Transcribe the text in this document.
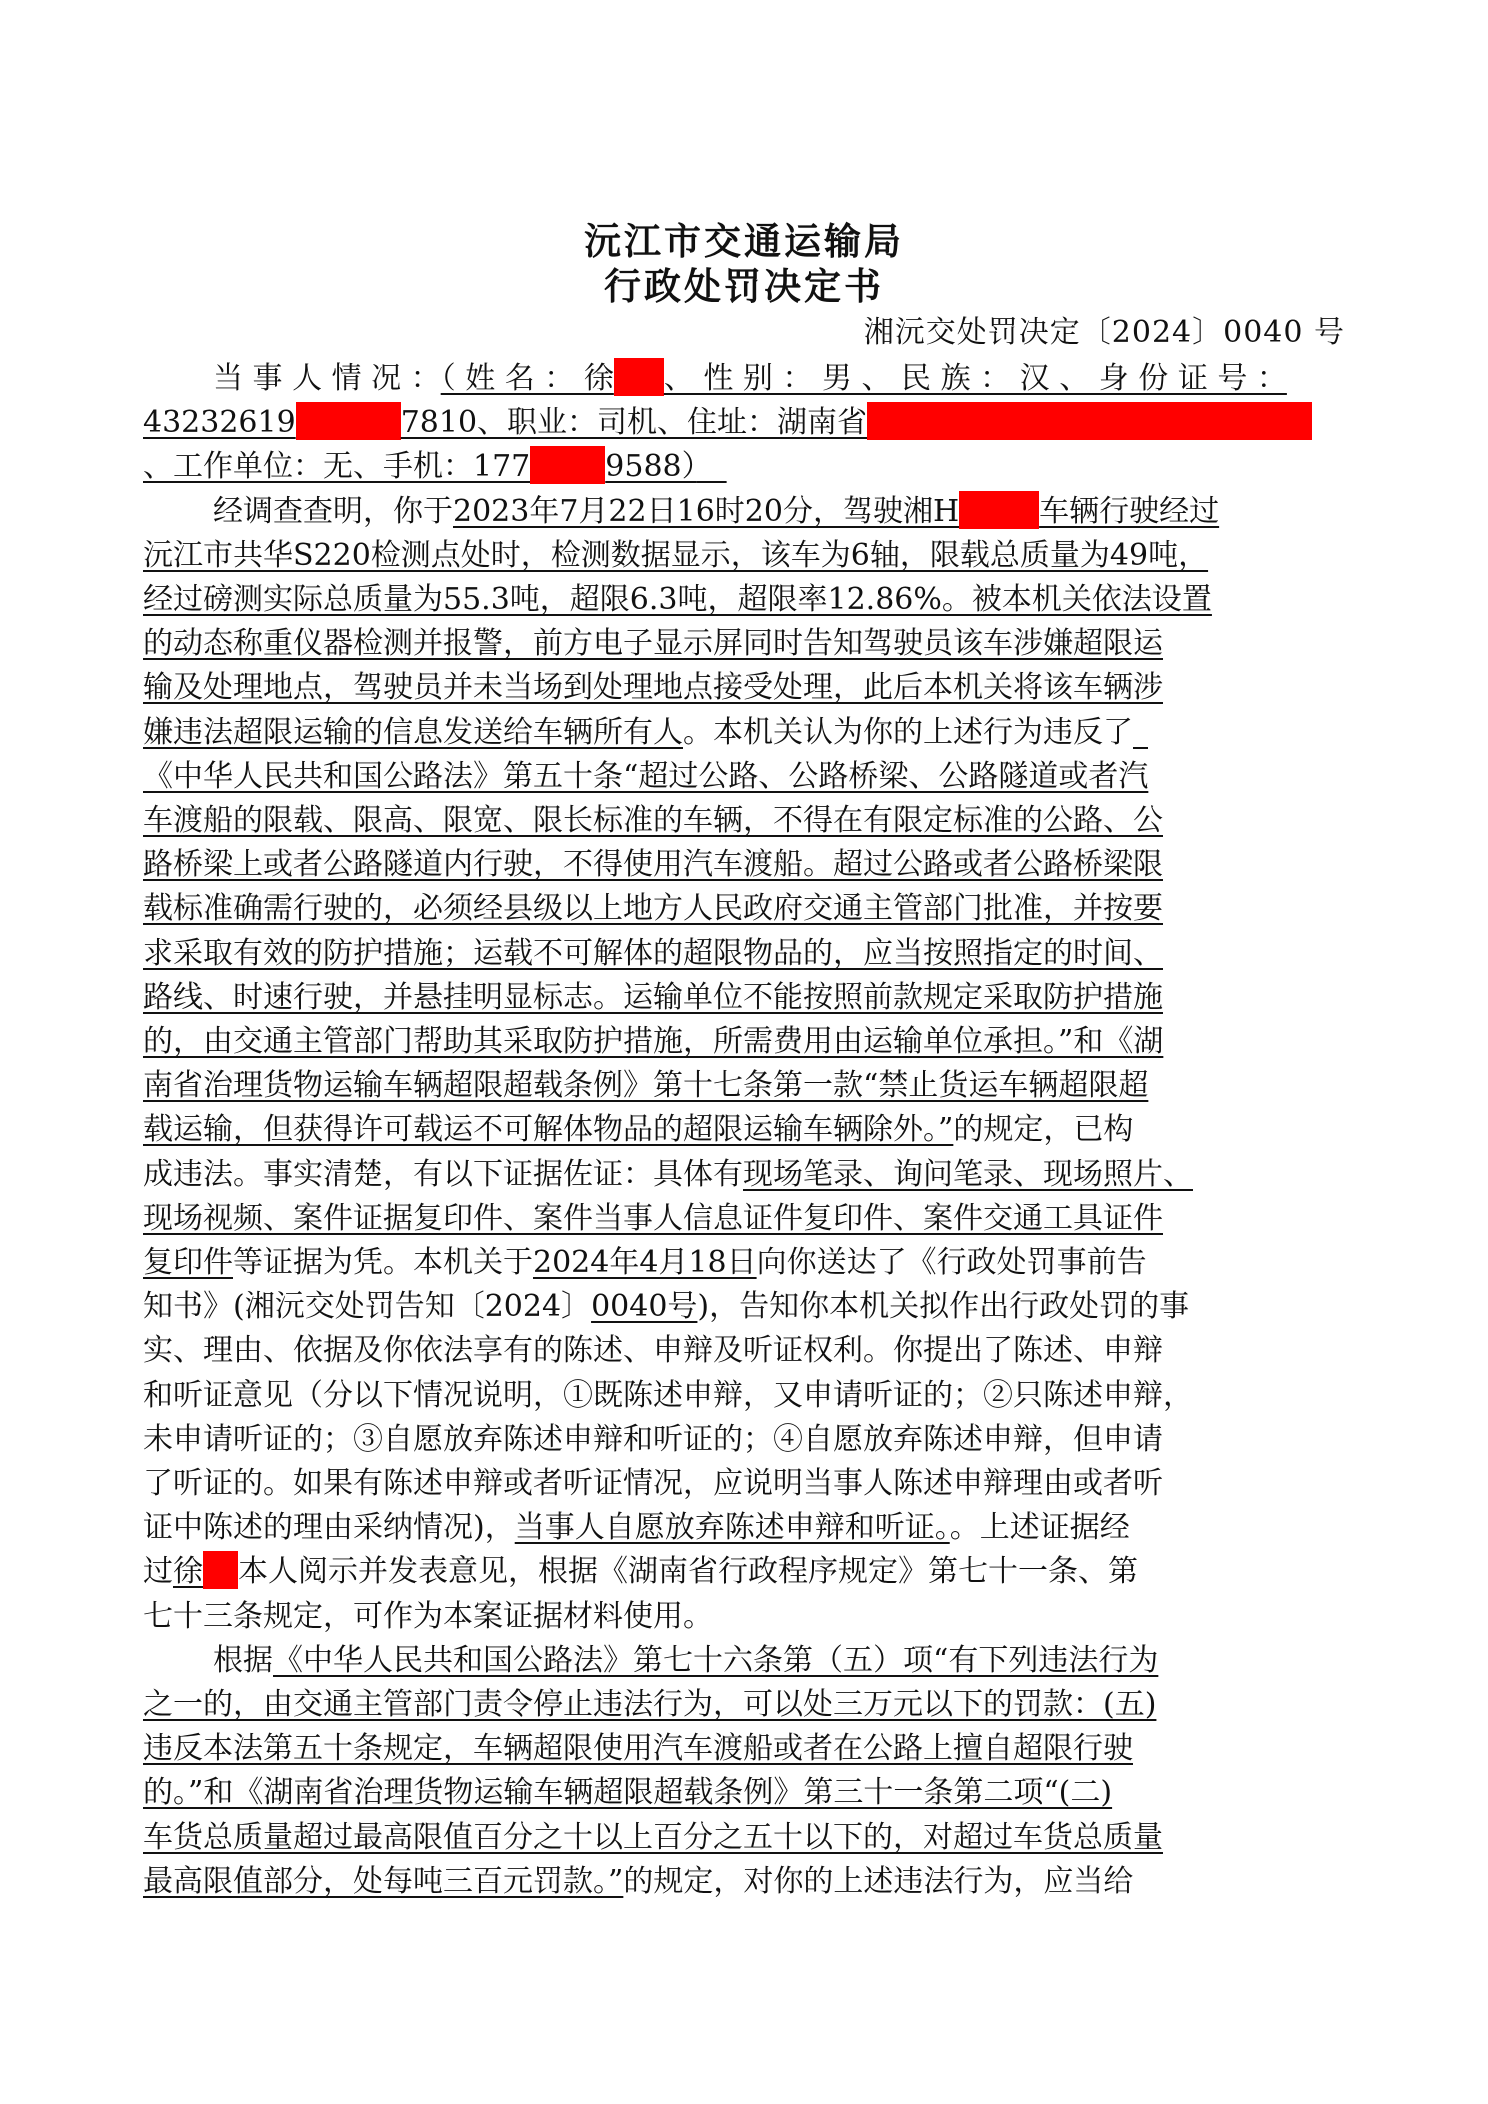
沅江市交通运输局
行政处罚决定书
湘沅交处罚决定〔2024〕0040 号
当 事 人 情 况 ：（ 姓 名 ： 徐 、 性 别 ： 男 、 民 族 ： 汉 、 身 份 证 号 ：
43232619	7810、职业：司机、住址：湖南省
、工作单位：无、手机：177	9588）　
经调查查明，你于2023年7月22日16时20分，驾驶湘H	车辆行驶经过
沅江市共华S220检测点处时，检测数据显示，该车为6轴，限载总质量为49吨，
经过磅测实际总质量为55.3吨，超限6.3吨，超限率12.86%。被本机关依法设置
的动态称重仪器检测并报警，前方电子显示屏同时告知驾驶员该车涉嫌超限运
输及处理地点，驾驶员并未当场到处理地点接受处理，此后本机关将该车辆涉
嫌违法超限运输的信息发送给车辆所有人。本机关认为你的上述行为违反了_
《中华人民共和国公路法》第五十条“超过公路、公路桥梁、公路隧道或者汽
车渡船的限载、限高、限宽、限长标准的车辆，不得在有限定标准的公路、公
路桥梁上或者公路隧道内行驶，不得使用汽车渡船。超过公路或者公路桥梁限
载标准确需行驶的，必须经县级以上地方人民政府交通主管部门批准，并按要
求采取有效的防护措施；运载不可解体的超限物品的，应当按照指定的时间、
路线、时速行驶，并悬挂明显标志。运输单位不能按照前款规定采取防护措施
的，由交通主管部门帮助其采取防护措施，所需费用由运输单位承担。”和《湖
南省治理货物运输车辆超限超载条例》第十七条第一款“禁止货运车辆超限超
载运输，但获得许可载运不可解体物品的超限运输车辆除外。”的规定，已构
成违法。事实清楚，有以下证据佐证：具体有现场笔录、询问笔录、现场照片、
现场视频、案件证据复印件、案件当事人信息证件复印件、案件交通工具证件
复印件等证据为凭。本机关于2024年4月18日向你送达了《行政处罚事前告
知书》(湘沅交处罚告知〔2024〕0040号)，告知你本机关拟作出行政处罚的事
实、理由、依据及你依法享有的陈述、申辩及听证权利。你提出了陈述、申辩
和听证意见（分以下情况说明，①既陈述申辩，又申请听证的；②只陈述申辩，
未申请听证的；③自愿放弃陈述申辩和听证的；④自愿放弃陈述申辩，但申请
了听证的。如果有陈述申辩或者听证情况，应说明当事人陈述申辩理由或者听
证中陈述的理由采纳情况)，当事人自愿放弃陈述申辩和听证。。上述证据经
过徐 本人阅示并发表意见，根据《湖南省行政程序规定》第七十一条、第
七十三条规定，可作为本案证据材料使用。
根据《中华人民共和国公路法》第七十六条第（五）项“有下列违法行为
之一的，由交通主管部门责令停止违法行为，可以处三万元以下的罚款：(五)
违反本法第五十条规定，车辆超限使用汽车渡船或者在公路上擅自超限行驶
的。”和《湖南省治理货物运输车辆超限超载条例》第三十一条第二项“(二)
车货总质量超过最高限值百分之十以上百分之五十以下的，对超过车货总质量
最高限值部分，处每吨三百元罚款。”的规定，对你的上述违法行为，应当给
